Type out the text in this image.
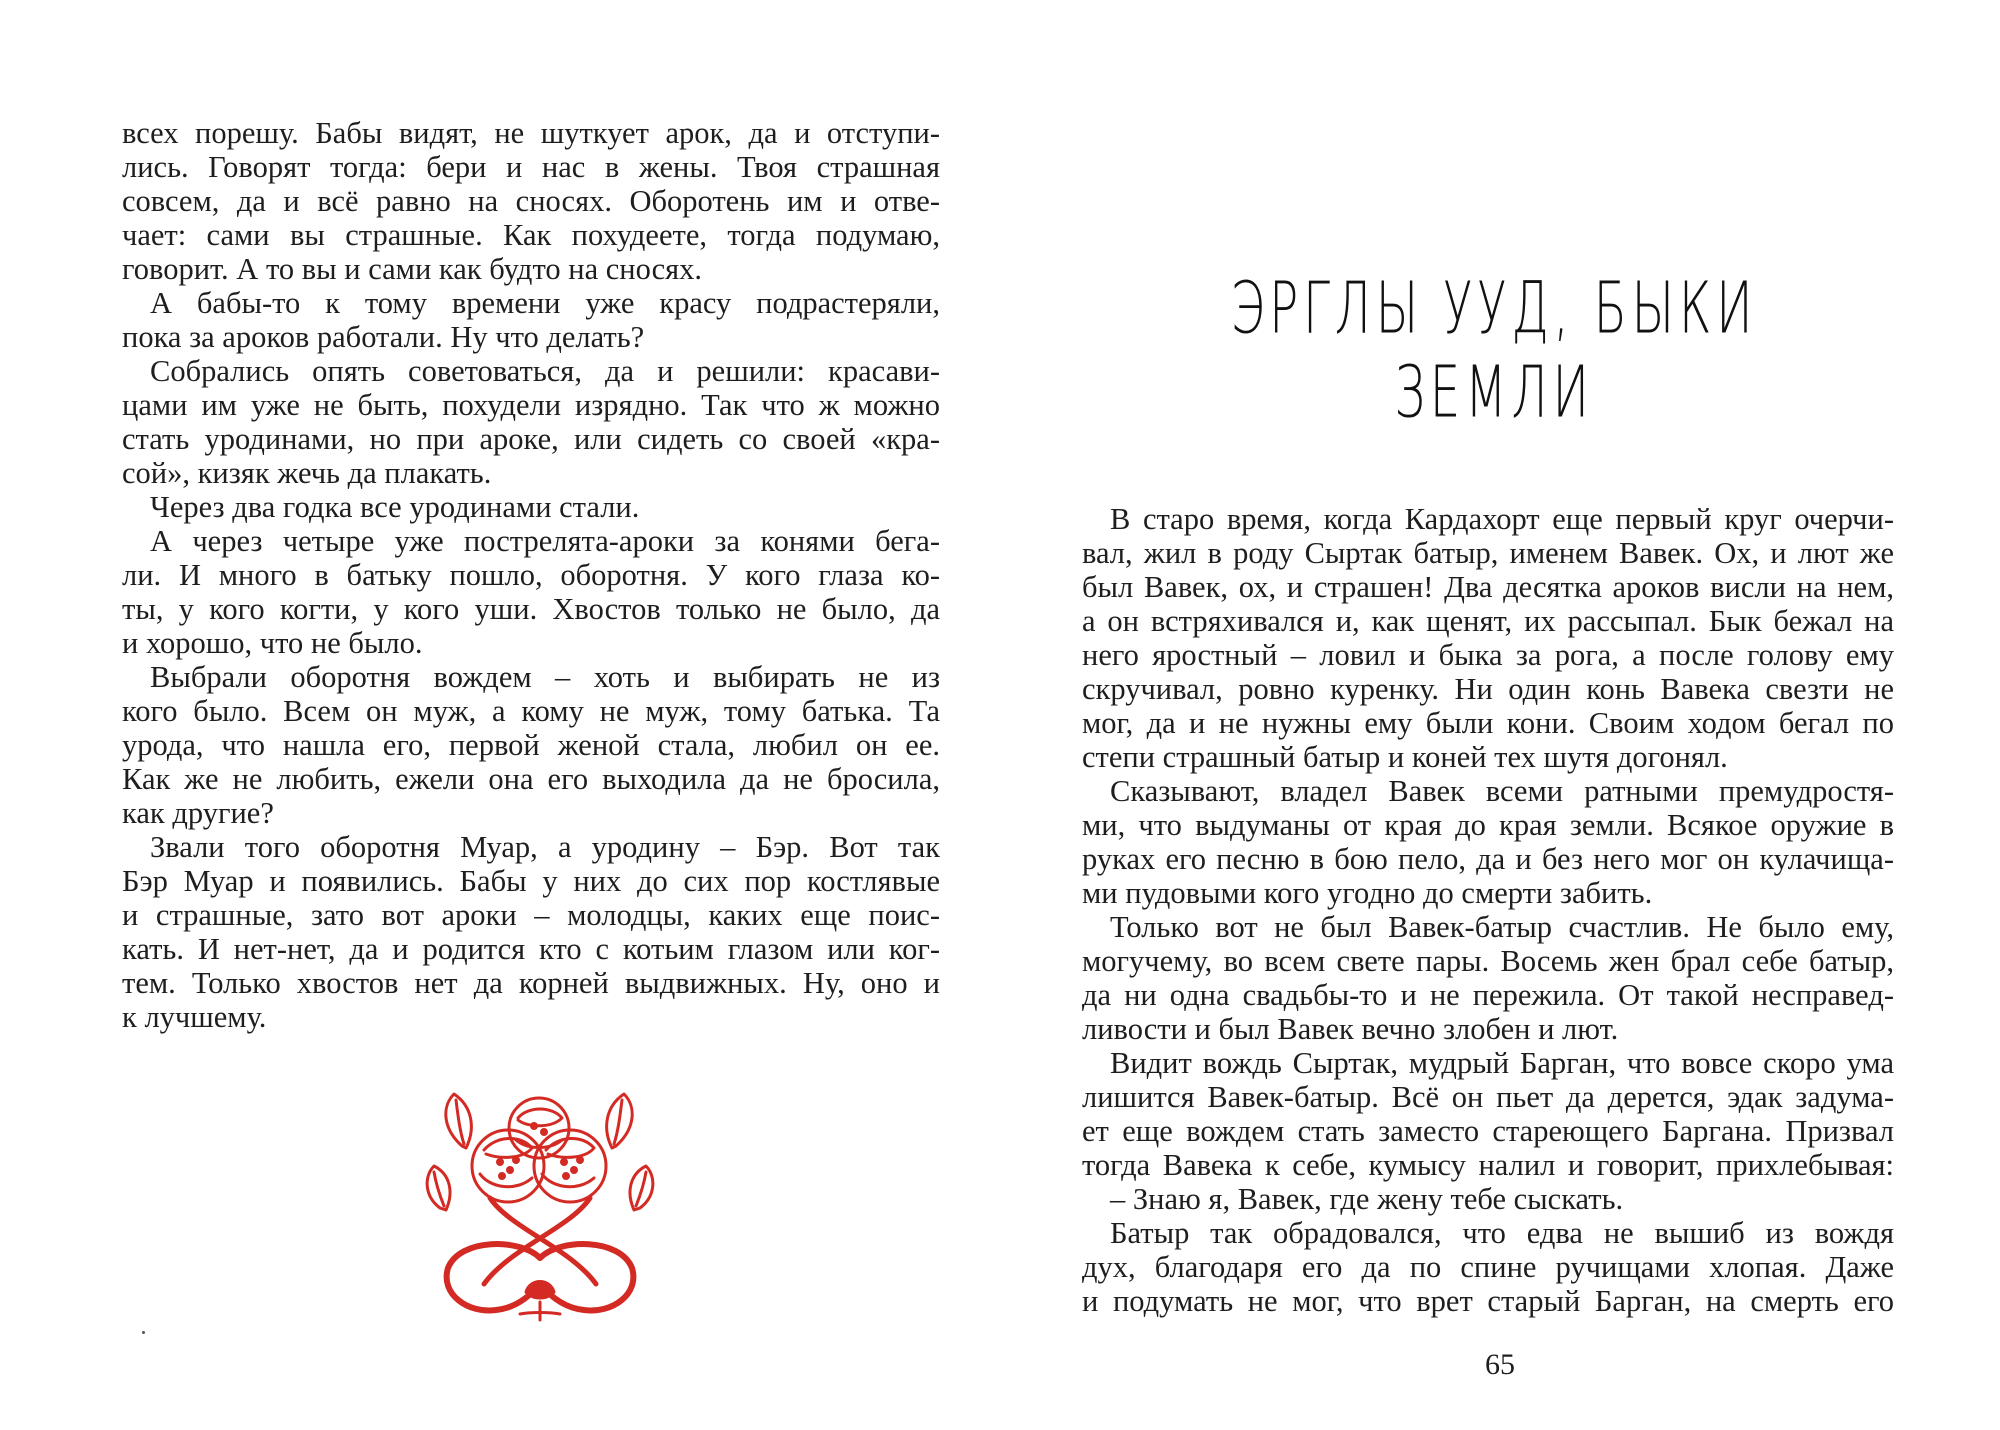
всех порешу. Бабы видят, не шуткует арок, да и отступи-
лись. Говорят тогда: бери и нас в жены. Твоя страшная
совсем, да и всё равно на сносях. Оборотень им и отве-
чает: сами вы страшные. Как похудеете, тогда подумаю,
говорит. А то вы и сами как будто на сносях.
А бабы-то к тому времени уже красу подрастеряли,
пока за ароков работали. Ну что делать?
Собрались опять советоваться, да и решили: красави-
цами им уже не быть, похудели изрядно. Так что ж можно
стать уродинами, но при ароке, или сидеть со своей «кра-
сой», кизяк жечь да плакать.
Через два годка все уродинами стали.
А через четыре уже пострелята-ароки за конями бега-
ли. И много в батьку пошло, оборотня. У кого глаза ко-
ты, у кого когти, у кого уши. Хвостов только не было, да
и хорошо, что не было.
Выбрали оборотня вождем – хоть и выбирать не из
кого было. Всем он муж, а кому не муж, тому батька. Та
урода, что нашла его, первой женой стала, любил он ее.
Как же не любить, ежели она его выходила да не бросила,
как другие?
Звали того оборотня Муар, а уродину – Бэр. Вот так
Бэр Муар и появились. Бабы у них до сих пор костлявые
и страшные, зато вот ароки – молодцы, каких еще поис-
кать. И нет-нет, да и родится кто с котьим глазом или ког-
тем. Только хвостов нет да корней выдвижных. Ну, оно и
к лучшему.
ЭРГЛЫ УУД, БЫКИ ЗЕМЛИ
В старо время, когда Кардахорт еще первый круг очерчи-
вал, жил в роду Сыртак батыр, именем Вавек. Ох, и лют же
был Вавек, ох, и страшен! Два десятка ароков висли на нем,
а он встряхивался и, как щенят, их рассыпал. Бык бежал на
него яростный – ловил и быка за рога, а после голову ему
скручивал, ровно куренку. Ни один конь Вавека свезти не
мог, да и не нужны ему были кони. Своим ходом бегал по
степи страшный батыр и коней тех шутя догонял.
Сказывают, владел Вавек всеми ратными премудростя-
ми, что выдуманы от края до края земли. Всякое оружие в
руках его песню в бою пело, да и без него мог он кулачища-
ми пудовыми кого угодно до смерти забить.
Только вот не был Вавек-батыр счастлив. Не было ему,
могучему, во всем свете пары. Восемь жен брал себе батыр,
да ни одна свадьбы-то и не пережила. От такой несправед-
ливости и был Вавек вечно злобен и лют.
Видит вождь Сыртак, мудрый Барган, что вовсе скоро ума
лишится Вавек-батыр. Всё он пьет да дерется, эдак задума-
ет еще вождем стать заместо стареющего Баргана. Призвал
тогда Вавека к себе, кумысу налил и говорит, прихлебывая:
– Знаю я, Вавек, где жену тебе сыскать.
Батыр так обрадовался, что едва не вышиб из вождя
дух, благодаря его да по спине ручищами хлопая. Даже
и подумать не мог, что врет старый Барган, на смерть его
65
